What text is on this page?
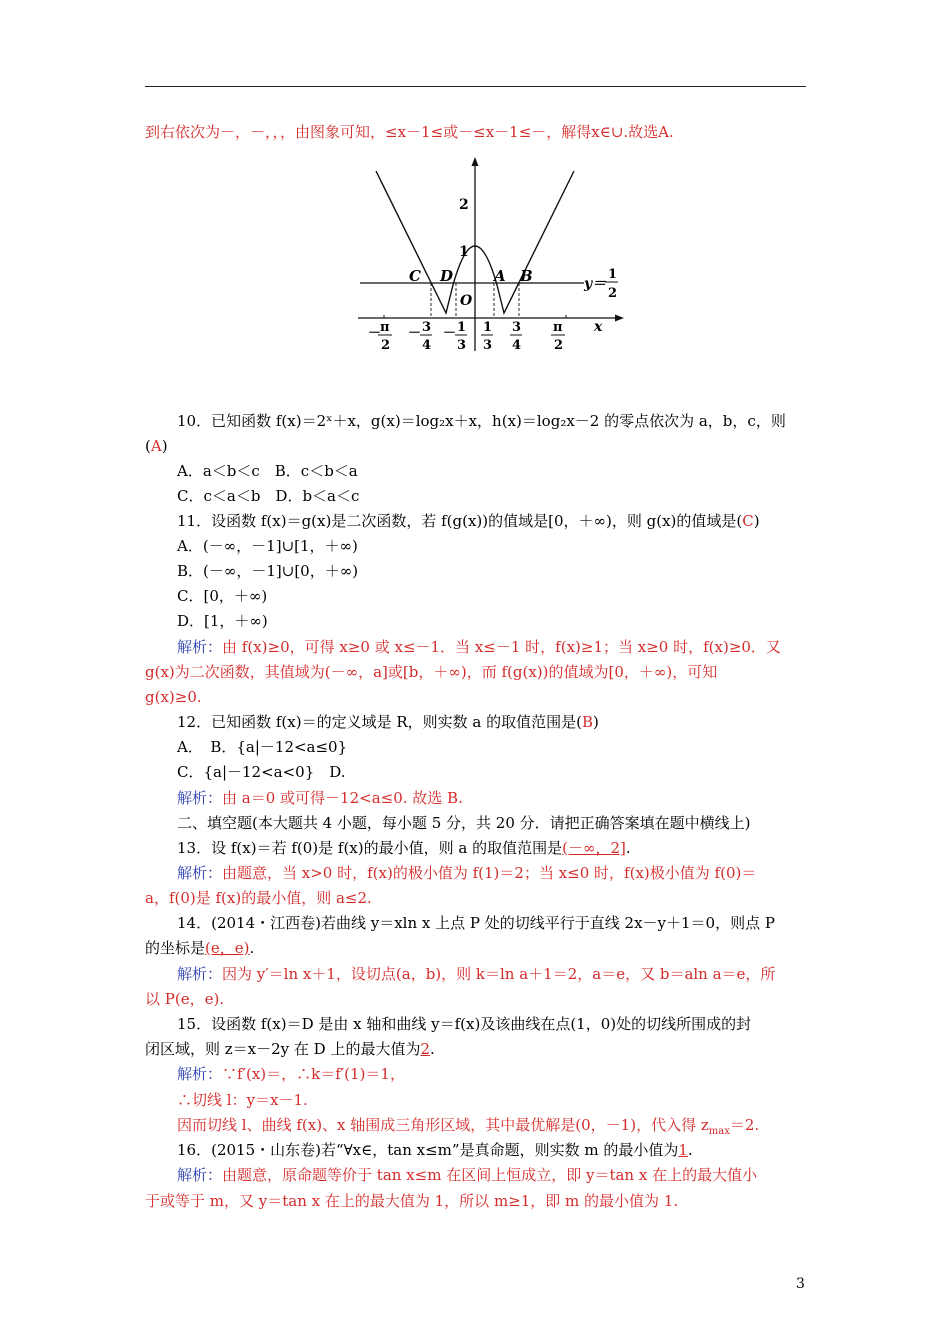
到右依次为－，－，，，由图象可知，≤x－1≤或－≤x－1≤－，解得x∈∪.故选A.
10．已知函数 f(x)＝2ˣ＋x，g(x)＝log₂x＋x，h(x)＝log₂x－2 的零点依次为 a，b，c，则
(A)
A．a＜b＜c　B．c＜b＜a
C．c＜a＜b　D．b＜a＜c
11．设函数 f(x)＝g(x)是二次函数，若 f(g(x))的值域是[0，＋∞)，则 g(x)的值域是(C)
A．(－∞，－1]∪[1，＋∞)
B．(－∞，－1]∪[0，＋∞)
C．[0，＋∞)
D．[1，＋∞)
解析：由 f(x)≥0，可得 x≥0 或 x≤－1．当 x≤－1 时，f(x)≥1；当 x≥0 时，f(x)≥0．又
g(x)为二次函数，其值域为(－∞，a]或[b，＋∞)，而 f(g(x))的值域为[0，＋∞)，可知
g(x)≥0.
12．已知函数 f(x)＝的定义域是 R，则实数 a 的取值范围是(B)
A．　B．{a|－12<a≤0}
C．{a|－12<a<0}　D.
解析：由 a＝0 或可得－12<a≤0. 故选 B.
二、填空题(本大题共 4 小题，每小题 5 分，共 20 分．请把正确答案填在题中横线上)
13．设 f(x)＝若 f(0)是 f(x)的最小值，则 a 的取值范围是(－∞，2].
解析：由题意，当 x>0 时，f(x)的极小值为 f(1)＝2；当 x≤0 时，f(x)极小值为 f(0)＝
a，f(0)是 f(x)的最小值，则 a≤2.
14．(2014・江西卷)若曲线 y＝xln x 上点 P 处的切线平行于直线 2x－y＋1＝0，则点 P
的坐标是(e，e).
解析：因为 y′＝ln x＋1，设切点(a，b)，则 k＝ln a＋1＝2，a＝e，又 b＝aln a＝e，所
以 P(e，e).
15．设函数 f(x)＝D 是由 x 轴和曲线 y＝f(x)及该曲线在点(1，0)处的切线所围成的封
闭区域，则 z＝x－2y 在 D 上的最大值为2.
解析：∵f′(x)＝，∴k＝f′(1)＝1，
∴切线 l：y＝x－1.
因而切线 l、曲线 f(x)、x 轴围成三角形区域，其中最优解是(0，－1)，代入得 $z_{max}=2$.
16．(2015・山东卷)若“∀x∈，tan x≤m”是真命题，则实数 m 的最小值为1.
解析：由题意，原命题等价于 tan x≤m 在区间上恒成立，即 y＝tan x 在上的最大值小
于或等于 m，又 y＝tan x 在上的最大值为 1，所以 m≥1，即 m 的最小值为 1.
C D
O
A B
2
1
y＝
1
2
x
－
π
2
－ 3
4
－ 1
3
1
3
3
4
π
2
3
